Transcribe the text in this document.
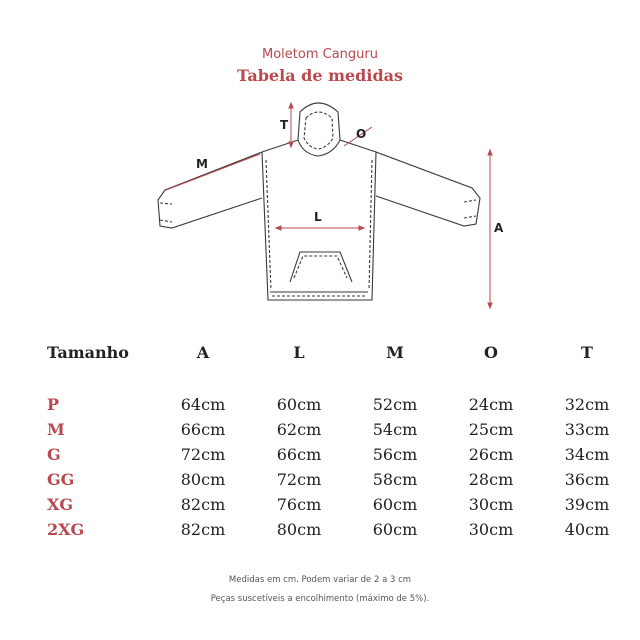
Moletom Canguru
Tabela de medidas
T
O
M
L
A
Tamanho	A	L	M	O	T

P	64cm	60cm	52cm	24cm	32cm
M	66cm	62cm	54cm	25cm	33cm
G	72cm	66cm	56cm	26cm	34cm
GG	80cm	72cm	58cm	28cm	36cm
XG	82cm	76cm	60cm	30cm	39cm
2XG	82cm	80cm	60cm	30cm	40cm
Medidas em cm. Podem variar de 2 a 3 cm
Peças suscetíveis a encolhimento (máximo de 5%).
